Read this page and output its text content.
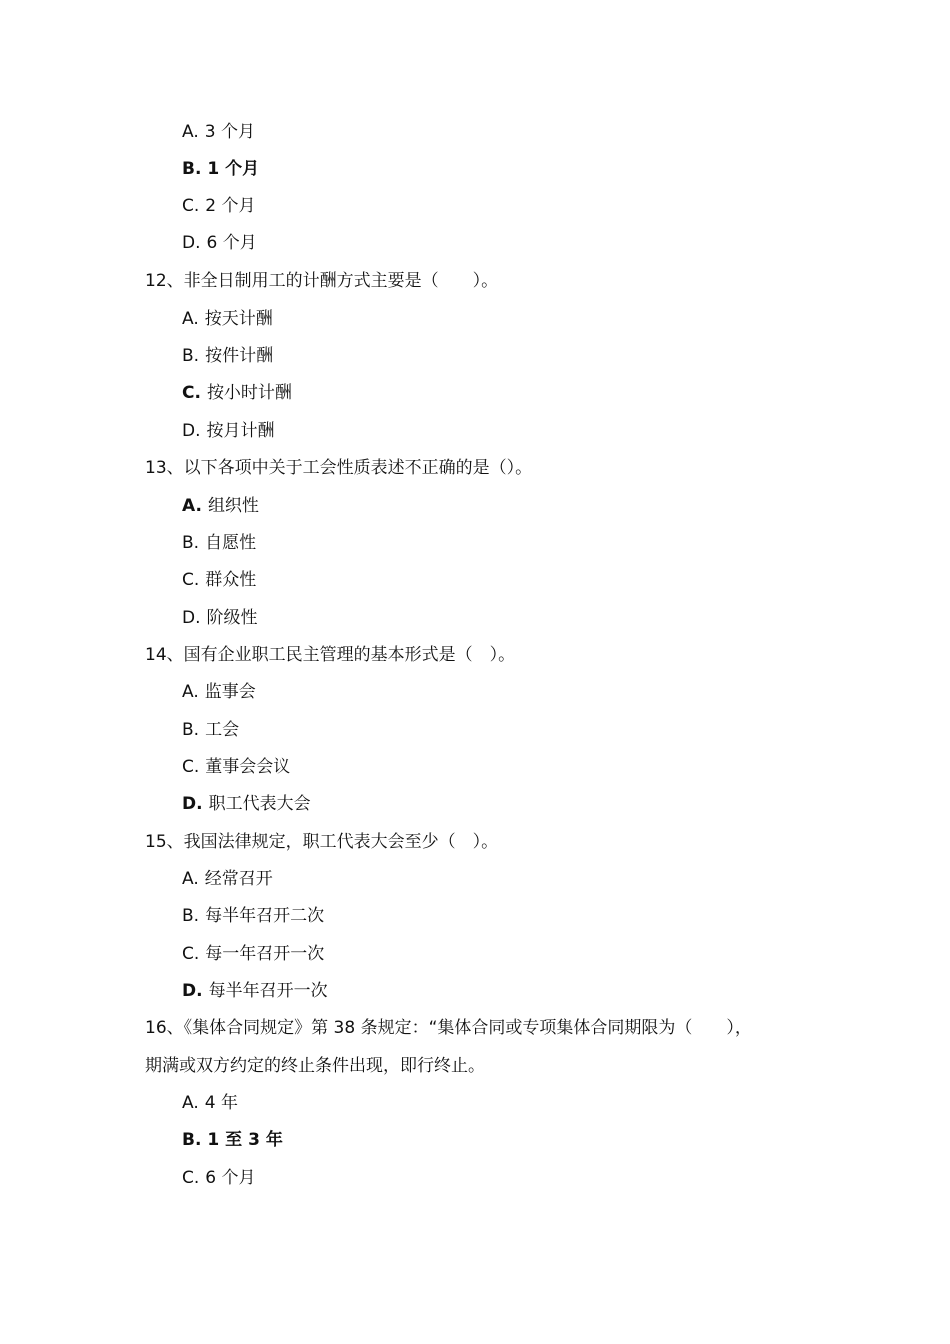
A. 3 个月
B. 1 个月
C. 2 个月
D. 6 个月
12、非全日制用工的计酬方式主要是（　　）。
A. 按天计酬
B. 按件计酬
C. 按小时计酬
D. 按月计酬
13、以下各项中关于工会性质表述不正确的是（）。
A. 组织性
B. 自愿性
C. 群众性
D. 阶级性
14、国有企业职工民主管理的基本形式是（　）。
A. 监事会
B. 工会
C. 董事会会议
D. 职工代表大会
15、我国法律规定，职工代表大会至少（　）。
A. 经常召开
B. 每半年召开二次
C. 每一年召开一次
D. 每半年召开一次
16、《集体合同规定》第 38 条规定：“集体合同或专项集体合同期限为（　　），
期满或双方约定的终止条件出现，即行终止。
A. 4 年
B. 1 至 3 年
C. 6 个月
